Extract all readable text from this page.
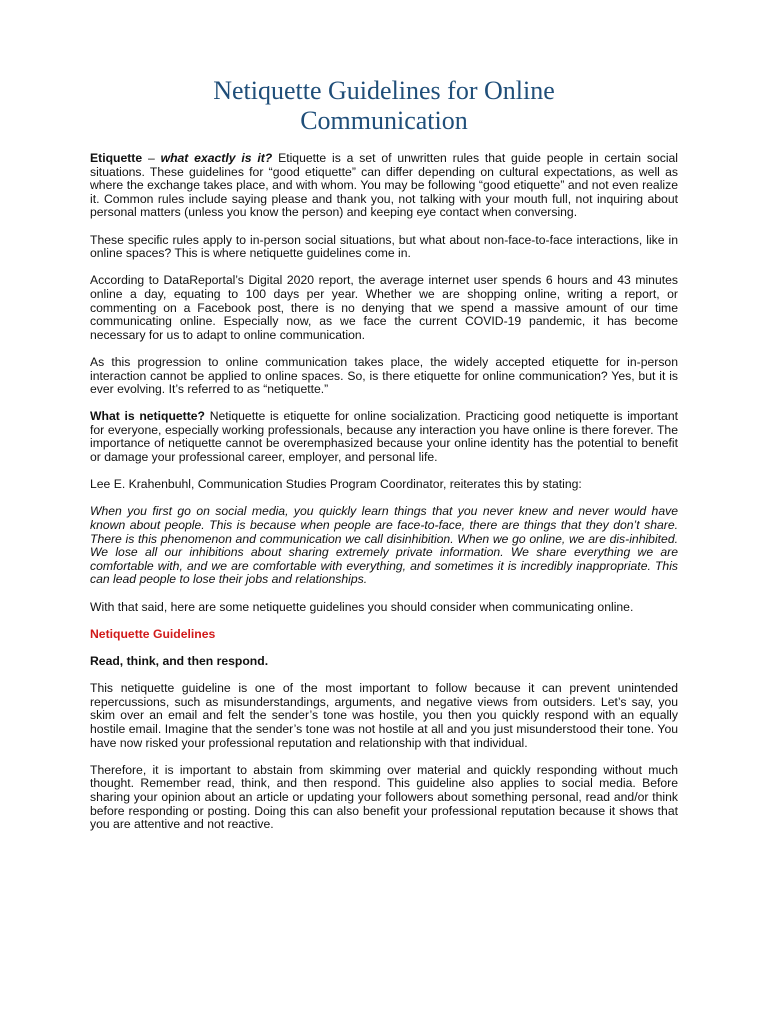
Netiquette Guidelines for Online
Communication

Etiquette – what exactly is it? Etiquette is a set of unwritten rules that guide people in certain social situations. These guidelines for “good etiquette” can differ depending on cultural expectations, as well as where the exchange takes place, and with whom. You may be following “good etiquette” and not even realize it. Common rules include saying please and thank you, not talking with your mouth full, not inquiring about personal matters (unless you know the person) and keeping eye contact when conversing.

These specific rules apply to in-person social situations, but what about non-face-to-face interactions, like in online spaces? This is where netiquette guidelines come in.

According to DataReportal’s Digital 2020 report, the average internet user spends 6 hours and 43 minutes online a day, equating to 100 days per year. Whether we are shopping online, writing a report, or commenting on a Facebook post, there is no denying that we spend a massive amount of our time communicating online. Especially now, as we face the current COVID-19 pandemic, it has become necessary for us to adapt to online communication.

As this progression to online communication takes place, the widely accepted etiquette for in-person interaction cannot be applied to online spaces. So, is there etiquette for online communication? Yes, but it is ever evolving. It’s referred to as “netiquette.”

What is netiquette? Netiquette is etiquette for online socialization. Practicing good netiquette is important for everyone, especially working professionals, because any interaction you have online is there forever. The importance of netiquette cannot be overemphasized because your online identity has the potential to benefit or damage your professional career, employer, and personal life.

Lee E. Krahenbuhl, Communication Studies Program Coordinator, reiterates this by stating:

When you first go on social media, you quickly learn things that you never knew and never would have known about people. This is because when people are face-to-face, there are things that they don’t share. There is this phenomenon and communication we call disinhibition. When we go online, we are dis-inhibited. We lose all our inhibitions about sharing extremely private information. We share everything we are comfortable with, and we are comfortable with everything, and sometimes it is incredibly inappropriate. This can lead people to lose their jobs and relationships.

With that said, here are some netiquette guidelines you should consider when communicating online.

Netiquette Guidelines

Read, think, and then respond.

This netiquette guideline is one of the most important to follow because it can prevent unintended repercussions, such as misunderstandings, arguments, and negative views from outsiders. Let’s say, you skim over an email and felt the sender’s tone was hostile, you then you quickly respond with an equally hostile email. Imagine that the sender’s tone was not hostile at all and you just misunderstood their tone. You have now risked your professional reputation and relationship with that individual.

Therefore, it is important to abstain from skimming over material and quickly responding without much thought. Remember read, think, and then respond. This guideline also applies to social media. Before sharing your opinion about an article or updating your followers about something personal, read and/or think before responding or posting. Doing this can also benefit your professional reputation because it shows that you are attentive and not reactive.
